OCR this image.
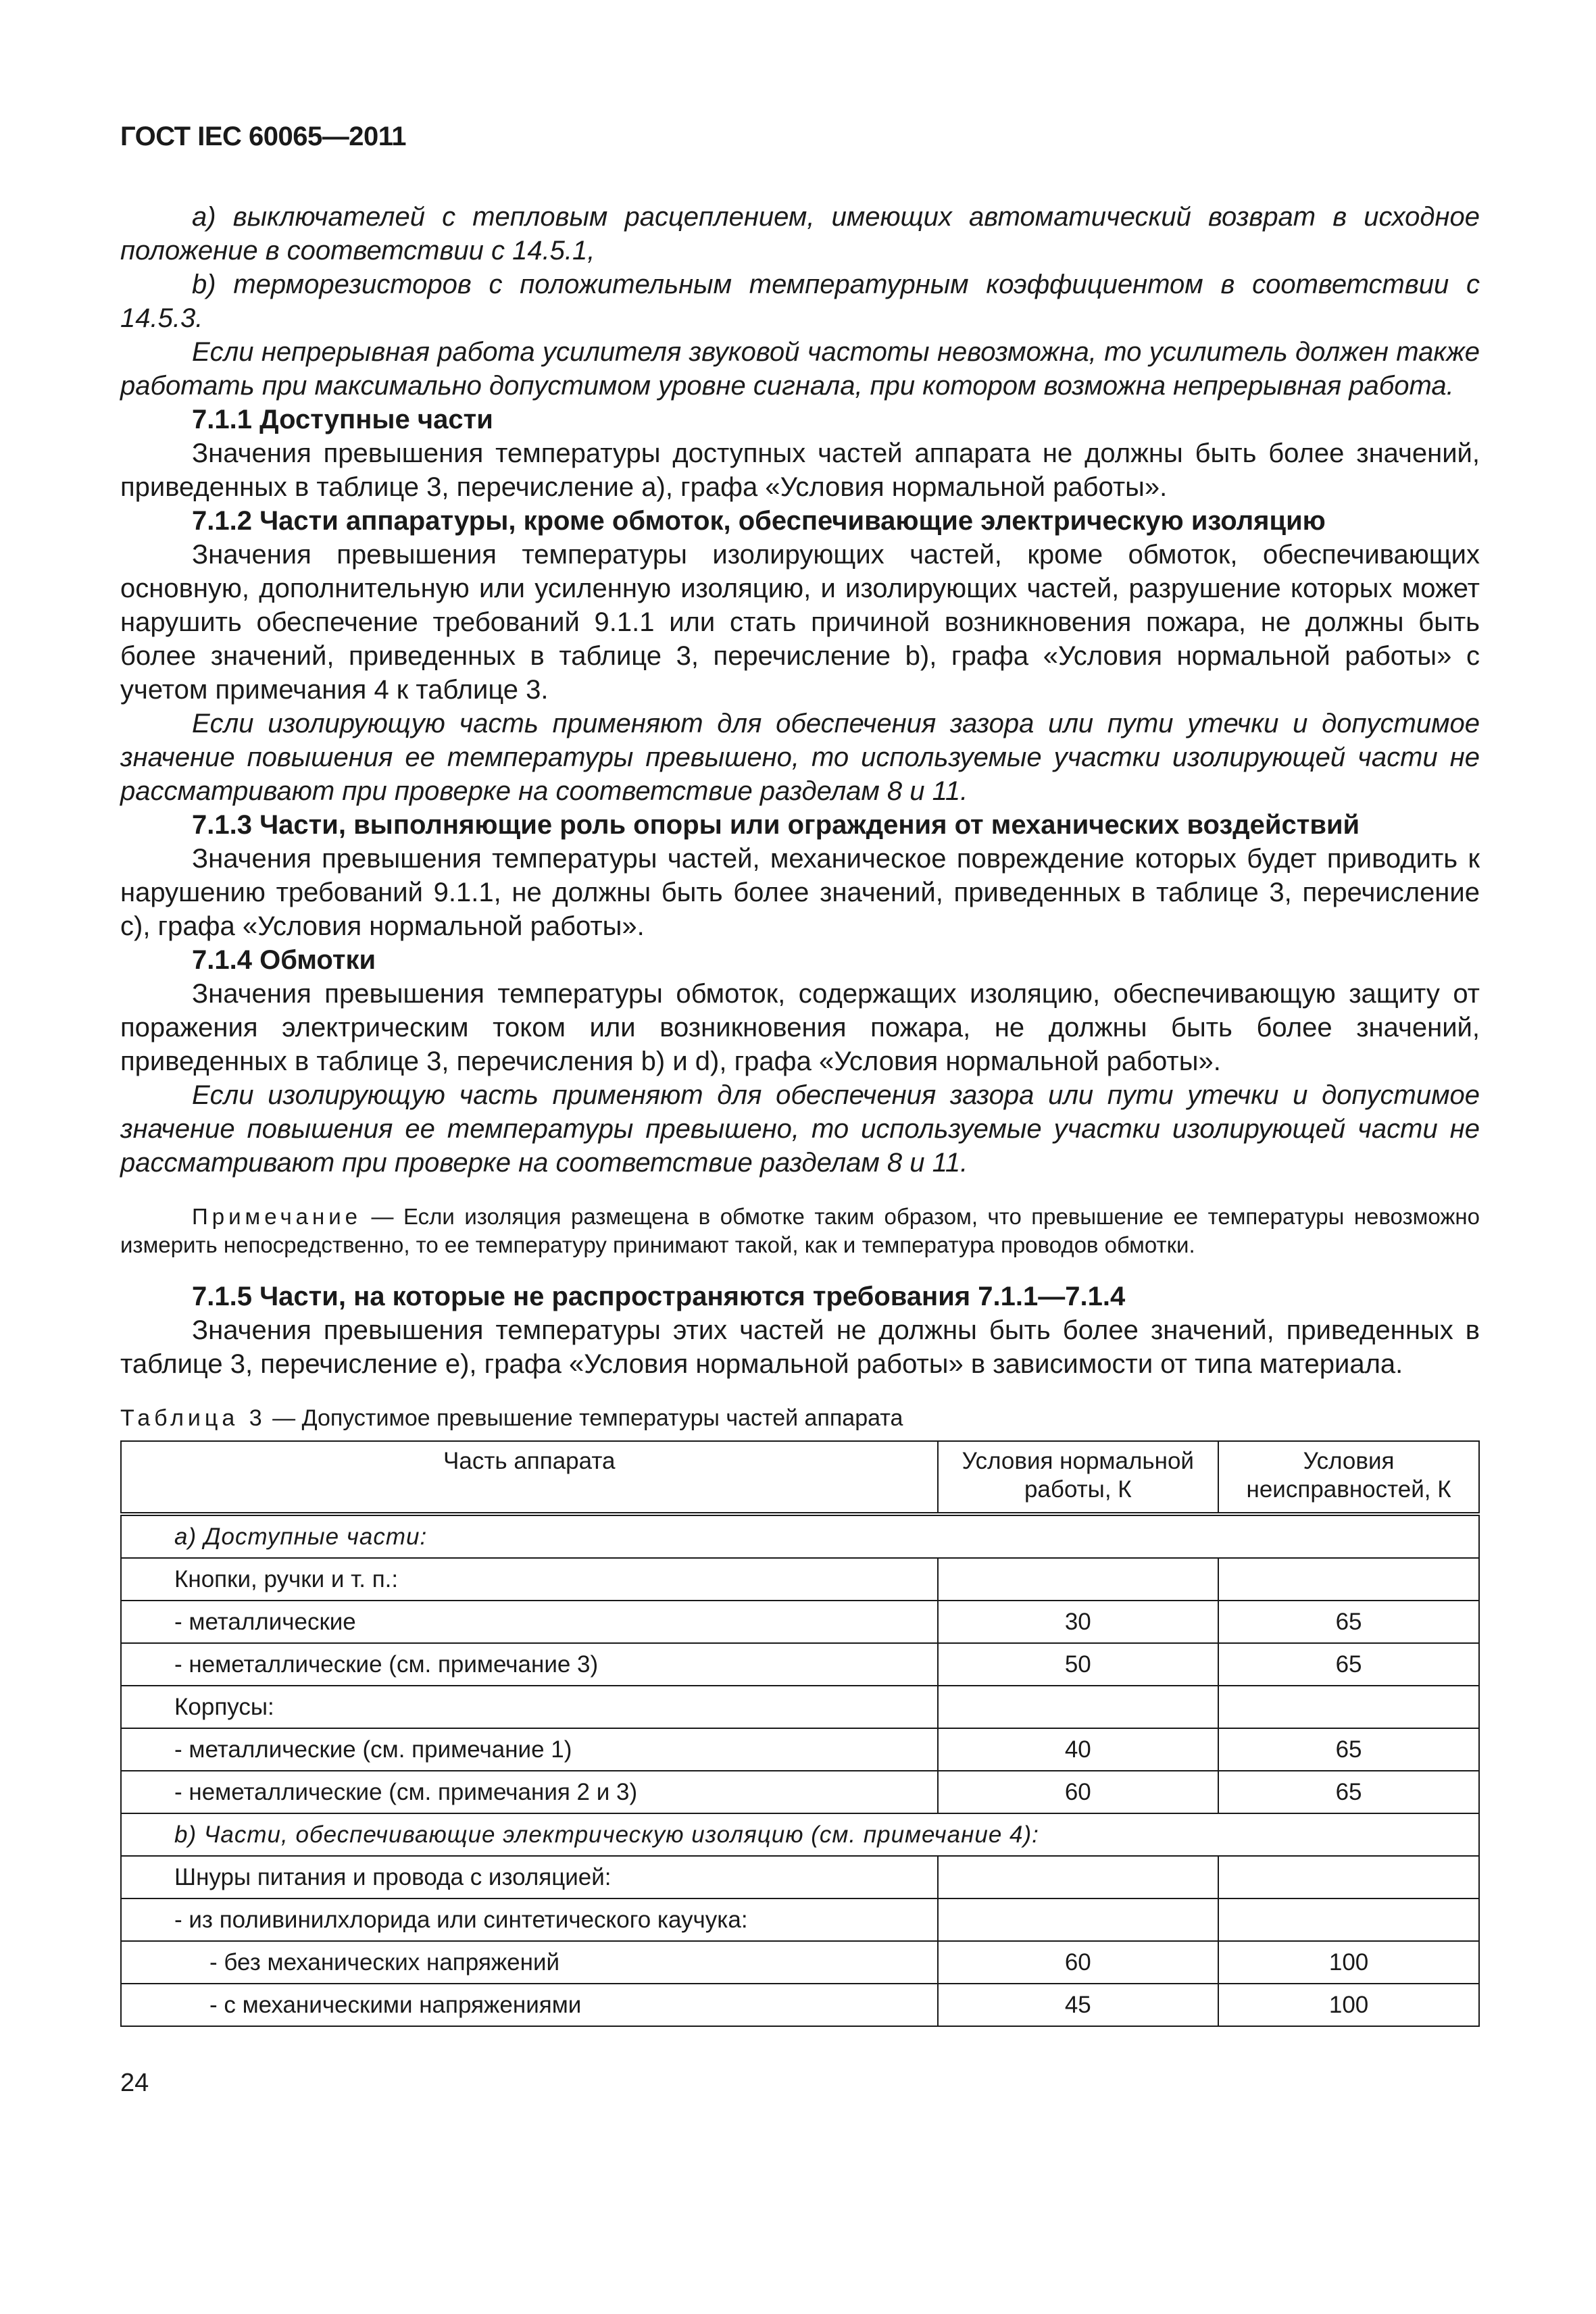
ГОСТ IEC 60065—2011

a) выключателей с тепловым расцеплением, имеющих автоматический возврат в исходное положение в соответствии с 14.5.1,

b) терморезисторов с положительным температурным коэффициентом в соответствии с 14.5.3.

Если непрерывная работа усилителя звуковой частоты невозможна, то усилитель должен также работать при максимально допустимом уровне сигнала, при котором возможна непрерывная работа.

7.1.1 Доступные части

Значения превышения температуры доступных частей аппарата не должны быть более значений, приведенных в таблице 3, перечисление a), графа «Условия нормальной работы».

7.1.2 Части аппаратуры, кроме обмоток, обеспечивающие электрическую изоляцию

Значения превышения температуры изолирующих частей, кроме обмоток, обеспечивающих основную, дополнительную или усиленную изоляцию, и изолирующих частей, разрушение которых может нарушить обеспечение требований 9.1.1 или стать причиной возникновения пожара, не должны быть более значений, приведенных в таблице 3, перечисление b), графа «Условия нормальной работы» с учетом примечания 4 к таблице 3.

Если изолирующую часть применяют для обеспечения зазора или пути утечки и допустимое значение повышения ее температуры превышено, то используемые участки изолирующей части не рассматривают при проверке на соответствие разделам 8 и 11.

7.1.3 Части, выполняющие роль опоры или ограждения от механических воздействий

Значения превышения температуры частей, механическое повреждение которых будет приводить к нарушению требований 9.1.1, не должны быть более значений, приведенных в таблице 3, перечисление c), графа «Условия нормальной работы».

7.1.4 Обмотки

Значения превышения температуры обмоток, содержащих изоляцию, обеспечивающую защиту от поражения электрическим током или возникновения пожара, не должны быть более значений, приведенных в таблице 3, перечисления b) и d), графа «Условия нормальной работы».

Если изолирующую часть применяют для обеспечения зазора или пути утечки и допустимое значение повышения ее температуры превышено, то используемые участки изолирующей части не рассматривают при проверке на соответствие разделам 8 и 11.

Примечание — Если изоляция размещена в обмотке таким образом, что превышение ее температуры невозможно измерить непосредственно, то ее температуру принимают такой, как и температура проводов обмотки.

7.1.5 Части, на которые не распространяются требования 7.1.1—7.1.4

Значения превышения температуры этих частей не должны быть более значений, приведенных в таблице 3, перечисление e), графа «Условия нормальной работы» в зависимости от типа материала.

Таблица 3 — Допустимое превышение температуры частей аппарата

Часть аппарата	Условия нормальной работы, К	Условия неисправностей, К
a) Доступные части:		
Кнопки, ручки и т. п.:		
- металлические	30	65
- неметаллические (см. примечание 3)	50	65
Корпусы:		
- металлические (см. примечание 1)	40	65
- неметаллические (см. примечания 2 и 3)	60	65
b) Части, обеспечивающие электрическую изоляцию (см. примечание 4):		
Шнуры питания и провода с изоляцией:		
- из поливинилхлорида или синтетического каучука:		
- без механических напряжений	60	100
- с механическими напряжениями	45	100
24
